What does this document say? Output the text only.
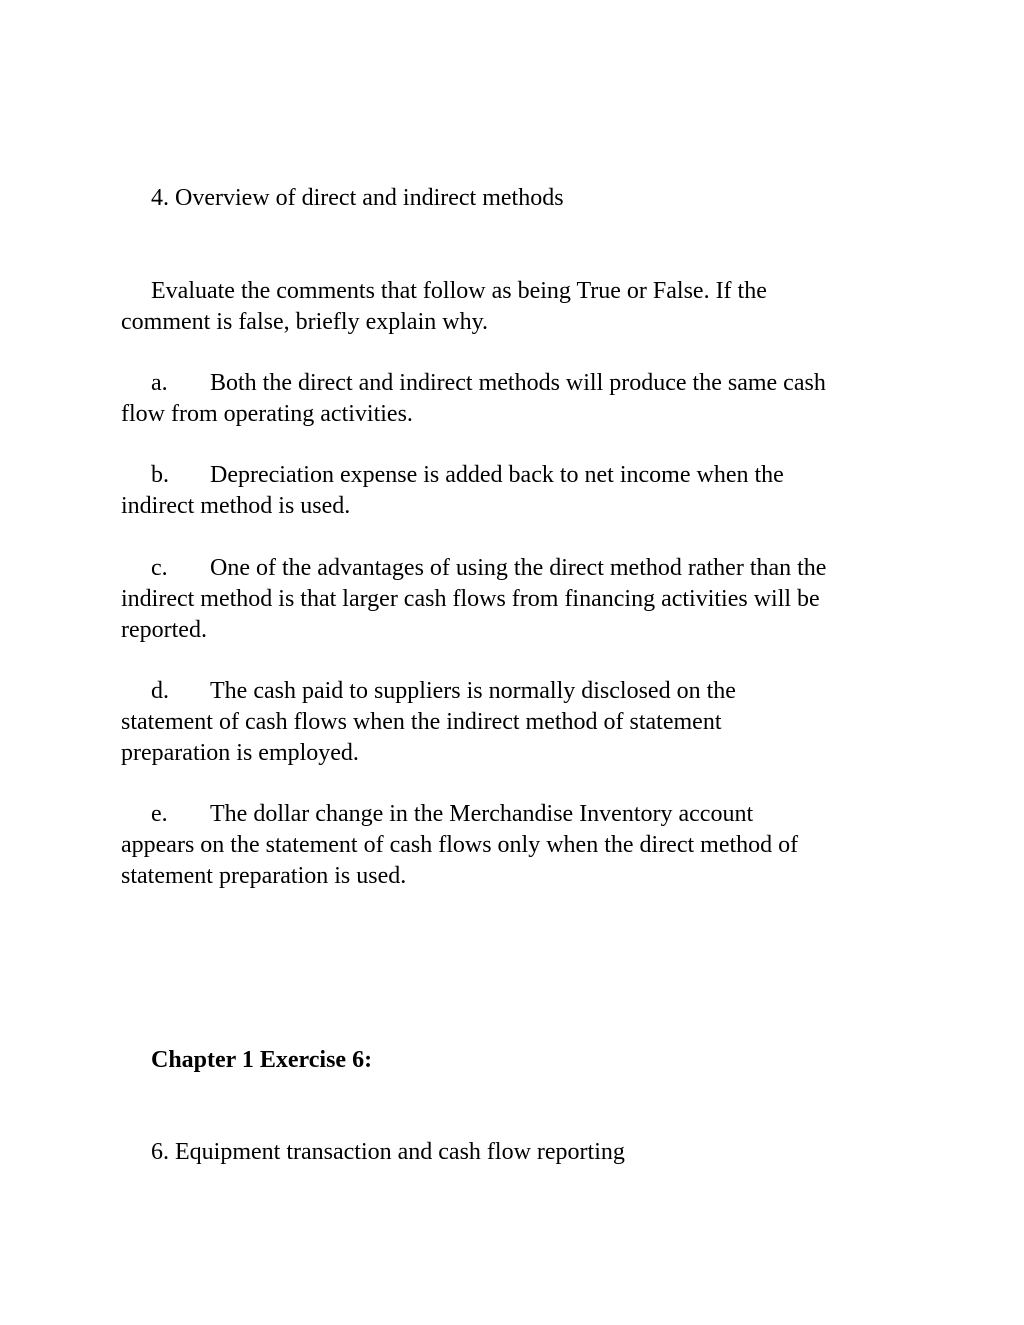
4. Overview of direct and indirect methods

Evaluate the comments that follow as being True or False. If the

comment is false, briefly explain why.

a. Both the direct and indirect methods will produce the same cash

flow from operating activities.

b. Depreciation expense is added back to net income when the

indirect method is used.

c. One of the advantages of using the direct method rather than the

indirect method is that larger cash flows from financing activities will be

reported.

d. The cash paid to suppliers is normally disclosed on the

statement of cash flows when the indirect method of statement

preparation is employed.

e. The dollar change in the Merchandise Inventory account

appears on the statement of cash flows only when the direct method of

statement preparation is used.

Chapter 1 Exercise 6:

6. Equipment transaction and cash flow reporting
